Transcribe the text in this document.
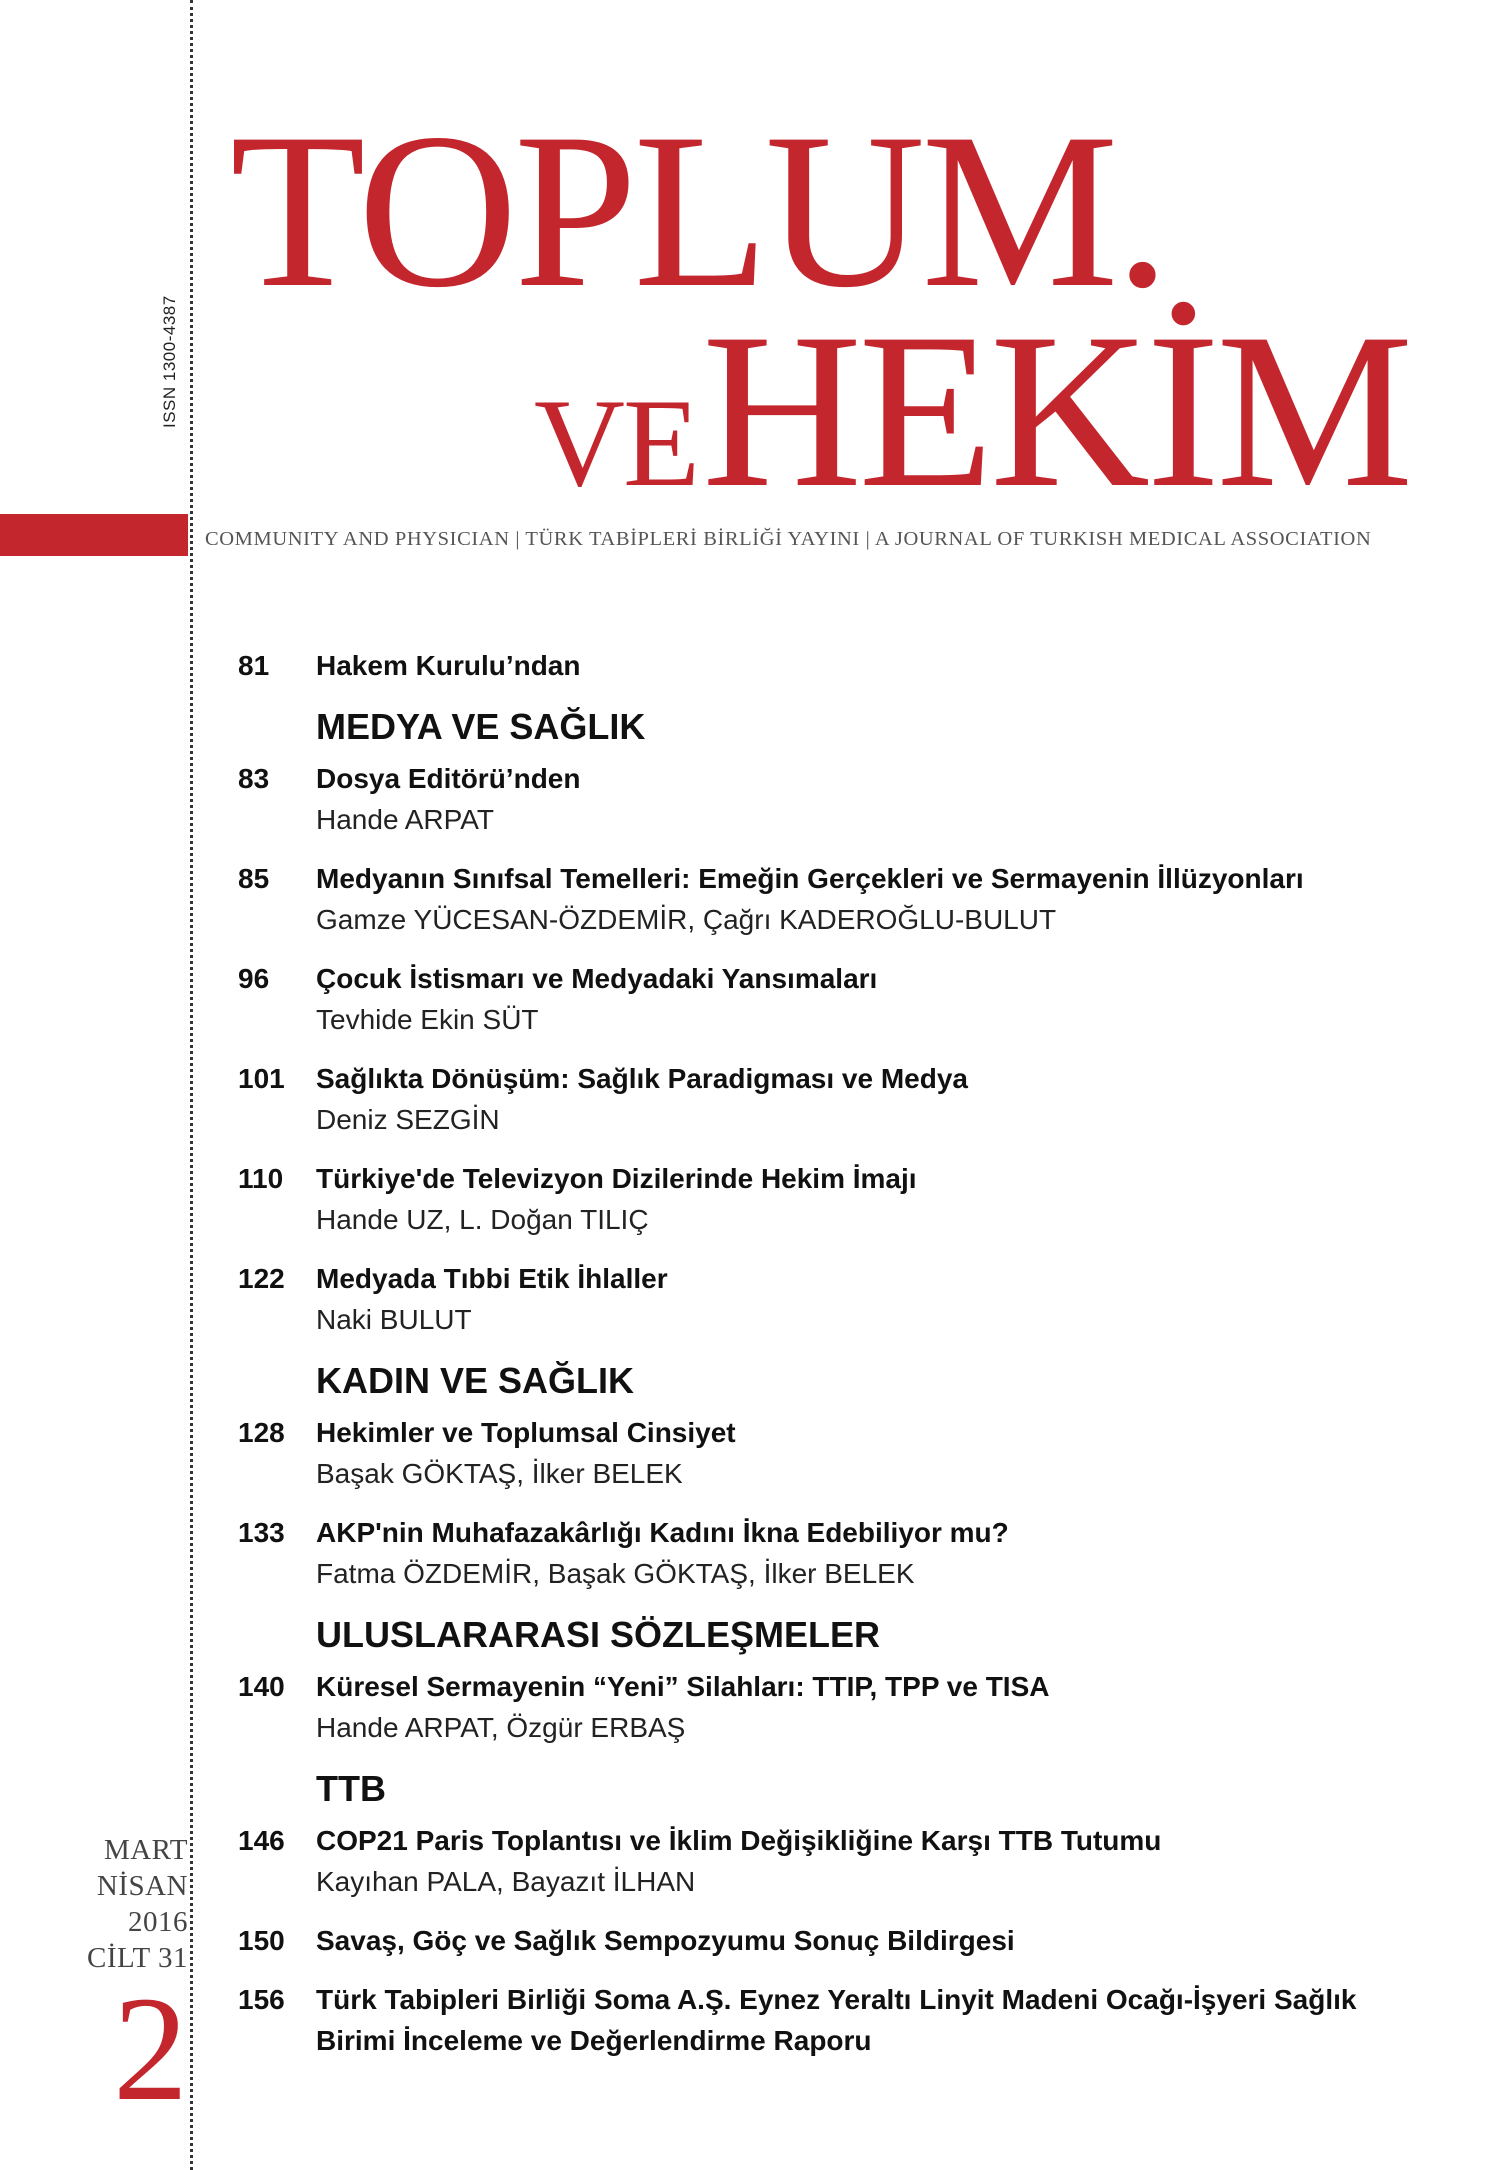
ISSN 1300-4387
TOPLUM.
VE HEKİM
COMMUNITY AND PHYSICIAN | TÜRK TABİPLERİ BİRLİĞİ YAYINI | A JOURNAL OF TURKISH MEDICAL ASSOCIATION
81	Hakem Kurulu’ndan
MEDYA VE SAĞLIK
83	Dosya Editörü’nden
Hande ARPAT
85	Medyanın Sınıfsal Temelleri: Emeğin Gerçekleri ve Sermayenin İllüzyonları
Gamze YÜCESAN-ÖZDEMİR, Çağrı KADEROĞLU-BULUT
96	Çocuk İstismarı ve Medyadaki Yansımaları
Tevhide Ekin SÜT
101	Sağlıkta Dönüşüm: Sağlık Paradigması ve Medya
Deniz SEZGİN
110	Türkiye'de Televizyon Dizilerinde Hekim İmajı
Hande UZ, L. Doğan TILIÇ
122	Medyada Tıbbi Etik İhlaller
Naki BULUT
KADIN VE SAĞLIK
128	Hekimler ve Toplumsal Cinsiyet
Başak GÖKTAŞ, İlker BELEK
133	AKP'nin Muhafazakârlığı Kadını İkna Edebiliyor mu?
Fatma ÖZDEMİR, Başak GÖKTAŞ, İlker BELEK
ULUSLARARASI SÖZLEŞMELER
140	Küresel Sermayenin “Yeni” Silahları: TTIP, TPP ve TISA
Hande ARPAT, Özgür ERBAŞ
TTB
146	COP21 Paris Toplantısı ve İklim Değişikliğine Karşı TTB Tutumu
Kayıhan PALA, Bayazıt İLHAN
150	Savaş, Göç ve Sağlık Sempozyumu Sonuç Bildirgesi
156	Türk Tabipleri Birliği Soma A.Ş. Eynez Yeraltı Linyit Madeni Ocağı-İşyeri Sağlık Birimi İnceleme ve Değerlendirme Raporu
MART
NİSAN
2016
CİLT 31
2
